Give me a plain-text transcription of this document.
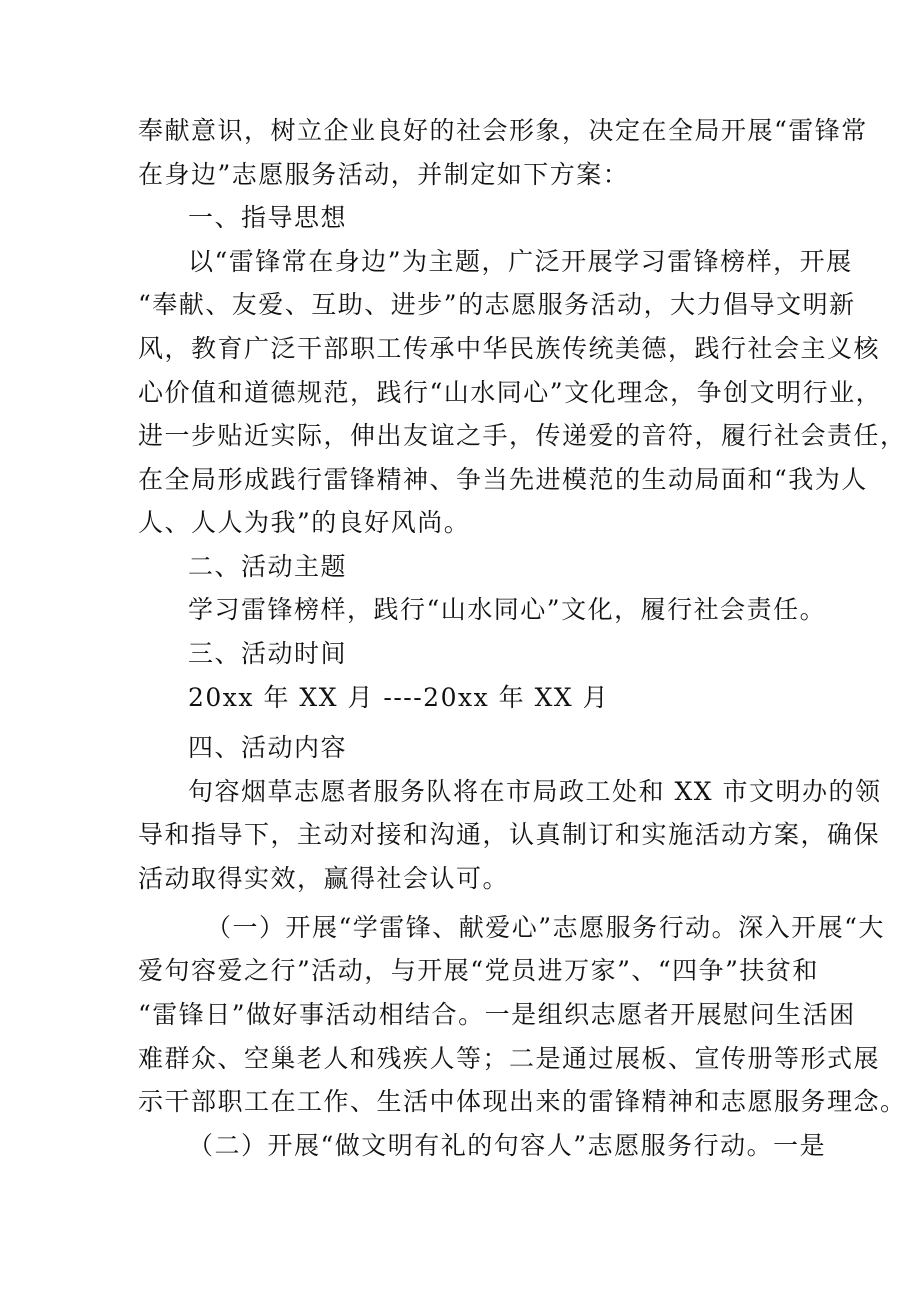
奉献意识，树立企业良好的社会形象，决定在全局开展“雷锋常
在身边”志愿服务活动，并制定如下方案：
一、指导思想
以“雷锋常在身边”为主题，广泛开展学习雷锋榜样，开展
“奉献、友爱、互助、进步”的志愿服务活动，大力倡导文明新
风，教育广泛干部职工传承中华民族传统美德，践行社会主义核
心价值和道德规范，践行“山水同心”文化理念，争创文明行业，
进一步贴近实际，伸出友谊之手，传递爱的音符，履行社会责任，
在全局形成践行雷锋精神、争当先进模范的生动局面和“我为人
人、人人为我”的良好风尚。
二、活动主题
学习雷锋榜样，践行“山水同心”文化，履行社会责任。
三、活动时间
20xx 年 XX 月 ----20xx 年 XX 月
四、活动内容
句容烟草志愿者服务队将在市局政工处和 XX 市文明办的领
导和指导下，主动对接和沟通，认真制订和实施活动方案，确保
活动取得实效，赢得社会认可。
（一）开展“学雷锋、献爱心”志愿服务行动。深入开展“大
爱句容爱之行”活动，与开展“党员进万家”、“四争”扶贫和
“雷锋日”做好事活动相结合。一是组织志愿者开展慰问生活困
难群众、空巢老人和残疾人等；二是通过展板、宣传册等形式展
示干部职工在工作、生活中体现出来的雷锋精神和志愿服务理念。
（二）开展“做文明有礼的句容人”志愿服务行动。一是
